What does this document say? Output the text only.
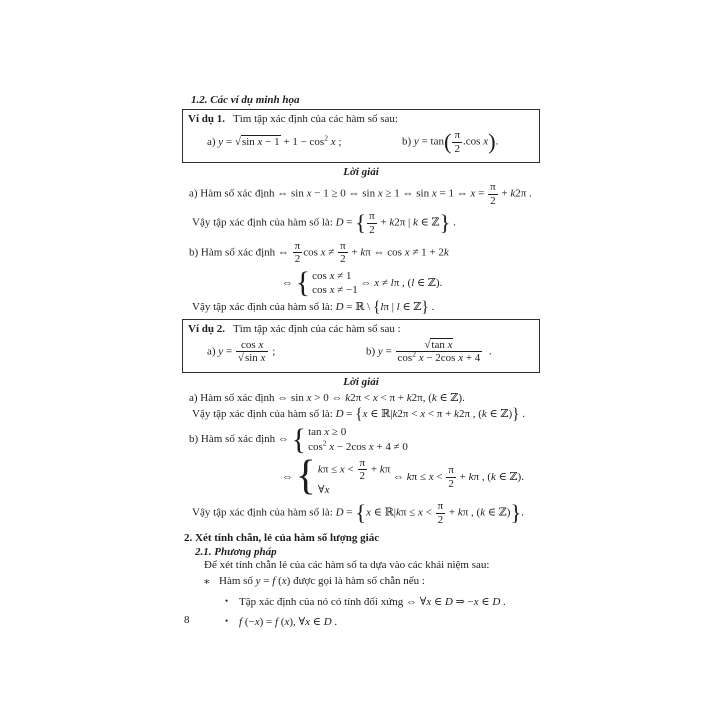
1.2. Các ví dụ minh họa
Ví dụ 1. Tìm tập xác định của các hàm số sau:
a) y = √sin $x - 1 + 1 - \cos^2 x$ ;	b) $y = \tan( \frac{\pi}{2} .\cos$ x).
Lời giải
a) Hàm số xác định ⇔ sin x − 1 ≥ 0 ⇔ sin x ≥ 1 ⇔ sin x = 1 ⇔ $x = \frac{\pi}{2} + k2\pi$ .
Vậy tập xác định của hàm số là: D = { $\frac{\pi}{2} + k2\pi$ | k ∈ ℤ} .
b) Hàm số xác định ⇔ $\frac{\pi}{2}$ $\cos x \ne \frac{\pi}{2} + k\pi$ ⇔ cos x ≠ 1 + 2k
⇔ { cos x ≠ 1
cos x ≠ −1
⇔ x ≠ lπ , (l ∈ ℤ).
Vậy tập xác định của hàm số là: D = ℝ \ {lπ | l ∈ ℤ} .
Ví dụ 2. Tìm tập xác định của các hàm số sau :
a) $y = \frac{\text{cos x}}{\text{√sin x}}$ ;	b) $y = \frac{\text{√tan x}}{\cos^2 x - 2\cos x + 4}$ .
Lời giải
a) Hàm số xác định ⇔ sin x > 0 ⇔ k2π < x < π + k2π, (k ∈ ℤ).
Vậy tập xác định của hàm số là: D = {x ∈ ℝ|k2π < x < π + k2π , (k ∈ ℤ)} .
b) Hàm số xác định ⇔ { tan x ≥ 0
$\cos^2 x - 2\cos$ x + 4 ≠ 0
⇔ { $k\pi \le x < \frac{\pi}{2} + k\pi$
∀x
⇔ $k\pi \le x < \frac{\pi}{2} + k\pi$ , (k ∈ ℤ).
Vậy tập xác định của hàm số là: D = {x ∈ ℝ|kπ ≤ $x < \frac{\pi}{2} + k\pi$ , (k ∈ ℤ)}.
2. Xét tính chẵn, lẻ của hàm số lượng giác
2.1. Phương pháp
Để xét tính chẵn lẻ của các hàm số ta dựa vào các khái niệm sau:
∗ Hàm số y = f (x) được gọi là hàm số chẵn nếu :
• Tập xác định của nó có tính đối xứng ⇔ ∀x ∈ D ⇒ −x ∈ D .
• f (−x) = f (x), ∀x ∈ D .
8
